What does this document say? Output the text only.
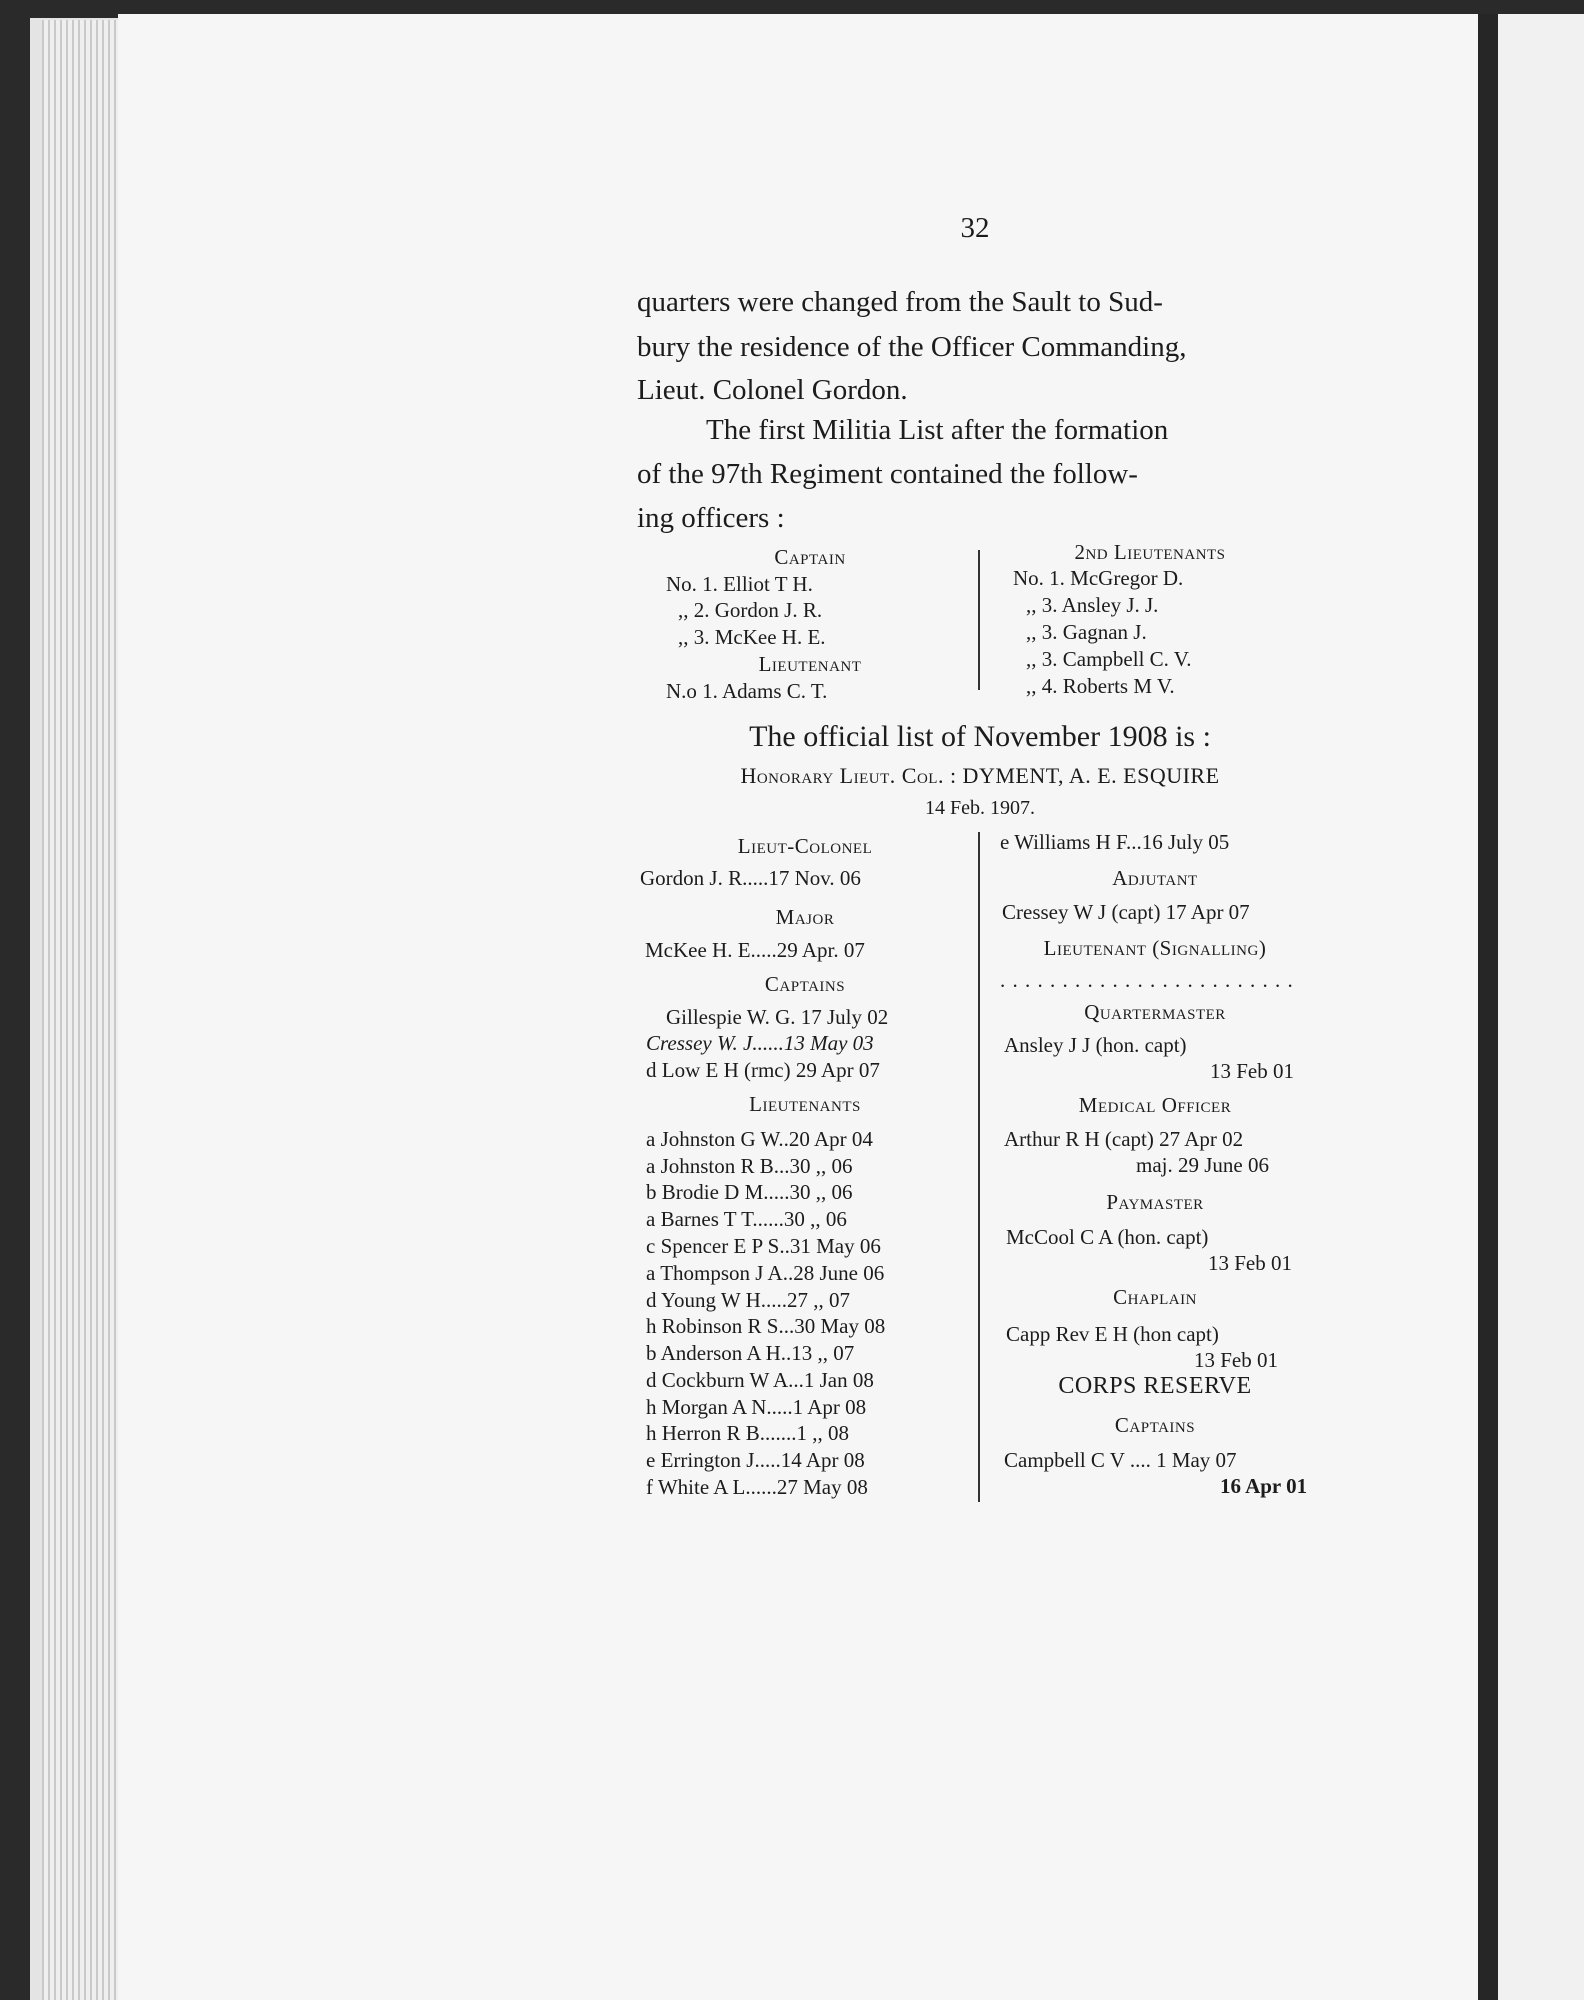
32
quarters were changed from the Sault to Sud-
bury the residence of the Officer Commanding,
Lieut. Colonel Gordon.
The first Militia List after the formation
of the 97th Regiment contained the follow-
ing officers :
Captain
No. 1. Elliot T H.
,, 2. Gordon J. R.
,, 3. McKee H. E.
Lieutenant
N.o 1. Adams C. T.
2nd Lieutenants
No. 1. McGregor D.
,, 3. Ansley J. J.
,, 3. Gagnan J.
,, 3. Campbell C. V.
,, 4. Roberts M V.
The official list of November 1908 is :
Honorary Lieut. Col. : DYMENT, A. E. ESQUIRE
14 Feb. 1907.
Lieut-Colonel
Gordon J. R.....17 Nov. 06
Major
McKee H. E.....29 Apr. 07
Captains
Gillespie W. G. 17 July 02
Cressey W. J......13 May 03
d Low E H (rmc) 29 Apr 07
Lieutenants
a Johnston G W..20 Apr 04
a Johnston R B...30 ,, 06
b Brodie D M.....30 ,, 06
a Barnes T T......30 ,, 06
c Spencer E P S..31 May 06
a Thompson J A..28 June 06
d Young W H.....27 ,, 07
h Robinson R S...30 May 08
b Anderson A H..13 ,, 07
d Cockburn W A...1 Jan 08
h Morgan A N.....1 Apr 08
h Herron R B.......1 ,, 08
e Errington J.....14 Apr 08
f White A L......27 May 08
e Williams H F...16 July 05
Adjutant
Cressey W J (capt) 17 Apr 07
Lieutenant (Signalling)
. . . . . . . . . . . . . . . . . . . . . . . .
Quartermaster
Ansley J J (hon. capt)
13 Feb 01
Medical Officer
Arthur R H (capt) 27 Apr 02
maj. 29 June 06
Paymaster
McCool C A (hon. capt)
13 Feb 01
Chaplain
Capp Rev E H (hon capt)
13 Feb 01
CORPS RESERVE
Captains
Campbell C V .... 1 May 07
16 Apr 01
